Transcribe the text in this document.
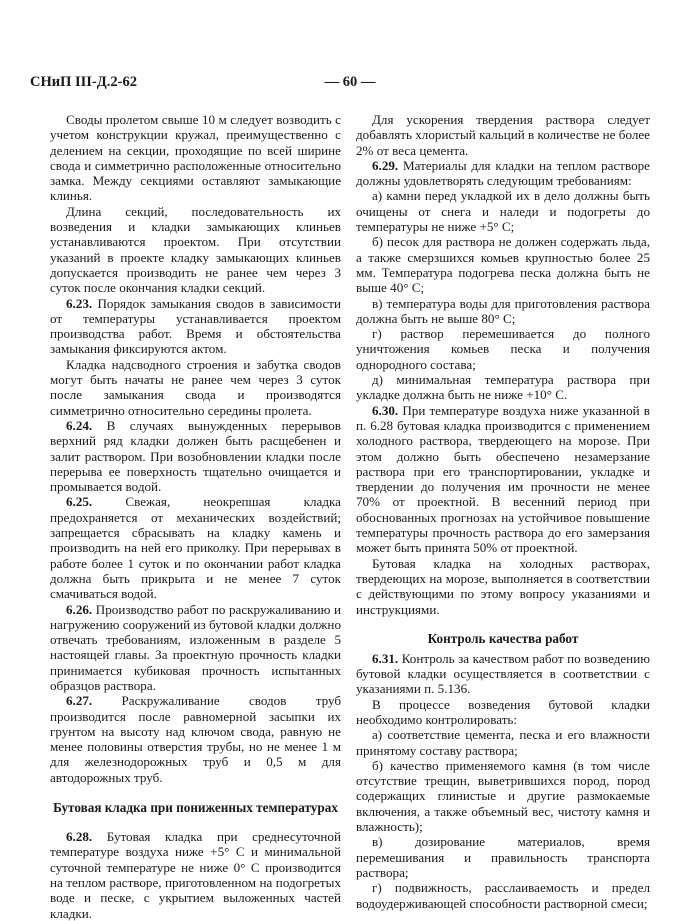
СНиП III-Д.2-62	— 60 —

Своды пролетом свыше 10 м следует возводить с учетом конструкции кружал, преимущественно с делением на секции, проходящие по всей ширине свода и симметрично расположенные относительно замка. Между секциями оставляют замыкающие клинья.

Длина секций, последовательность их возведения и кладки замыкающих клиньев устанавливаются проектом. При отсутствии указаний в проекте кладку замыкающих клиньев допускается производить не ранее чем через 3 суток после окончания кладки секций.

6.23. Порядок замыкания сводов в зависимости от температуры устанавливается проектом производства работ. Время и обстоятельства замыкания фиксируются актом.

Кладка надсводного строения и забутка сводов могут быть начаты не ранее чем через 3 суток после замыкания свода и производятся симметрично относительно середины пролета.

6.24. В случаях вынужденных перерывов верхний ряд кладки должен быть расщебенен и залит раствором. При возобновлении кладки после перерыва ее поверхность тщательно очищается и промывается водой.

6.25.	Свежая, неокрепшая кладка предохраняется от механических воздействий; запрещается сбрасывать на кладку камень и производить на ней его приколку. При перерывах в работе более 1 суток и по окончании работ кладка должна быть прикрыта и не менее 7 суток смачиваться водой.

6.26. Производство работ по раскружаливанию и нагружению сооружений из бутовой кладки должно отвечать требованиям, изложенным в разделе 5 настоящей главы. За проектную прочность кладки принимается кубиковая прочность испытанных образцов раствора.

6.27. Раскружаливание сводов труб производится после равномерной засыпки их грунтом на высоту над ключом свода, равную не менее половины отверстия трубы, но не менее 1 м для железнодорожных труб и 0,5 м для автодорожных труб.

Бутовая кладка при пониженных температурах

6.28. Бутовая кладка при среднесуточной температуре воздуха ниже +5° С и минимальной суточной температуре не ниже 0° С производится на теплом растворе, приготовленном на подогретых воде и песке, с укрытием выложенных частей кладки.

Для ускорения твердения раствора следует добавлять хлористый кальций в количестве не более 2% от веса цемента.

6.29. Материалы для кладки на теплом растворе должны удовлетворять следующим требованиям:

а) камни перед укладкой их в дело должны быть очищены от снега и наледи и подогреты до температуры не ниже +5° С;

б) песок для раствора не должен содержать льда, а также смерзшихся комьев крупностью более 25 мм. Температура подогрева песка должна быть не выше 40° С;

в) температура воды для приготовления раствора должна быть не выше 80° С;

г) раствор перемешивается до полного уничтожения комьев песка и получения однородного состава;

д) минимальная температура раствора при укладке должна быть не ниже +10° С.

6.30. При температуре воздуха ниже указанной в п. 6.28 бутовая кладка производится с применением холодного раствора, твердеющего на морозе. При этом должно быть обеспечено незамерзание раствора при его транспортировании, укладке и твердении до получения им прочности не менее 70% от проектной. В весенний период при обоснованных прогнозах на устойчивое повышение температуры прочность раствора до его замерзания может быть принята 50% от проектной.

Бутовая кладка на холодных растворах, твердеющих на морозе, выполняется в соответствии с действующими по этому вопросу указаниями и инструкциями.

Контроль качества работ

6.31. Контроль за качеством работ по возведению бутовой кладки осуществляется в соответствии с указаниями п. 5.136.

В процессе возведения бутовой кладки необходимо контролировать:

а) соответствие цемента, песка и его влажности принятому составу раствора;

б) качество применяемого камня (в том числе отсутствие трещин, выветрившихся пород, пород содержащих глинистые и другие размокаемые включения, а также объемный вес, чистоту камня и влажность);

в) дозирование материалов, время перемешивания и правильность транспорта раствора;

г) подвижность, расслаиваемость и предел водоудерживающей способности растворной смеси;
